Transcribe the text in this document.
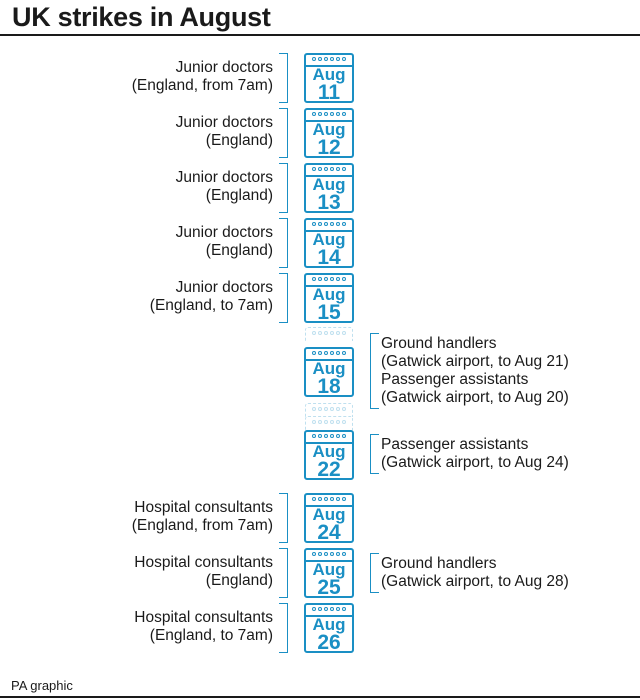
UK strikes in August
Aug
11
Junior doctors
(England, from 7am)
Aug
12
Junior doctors
(England)
Aug
13
Junior doctors
(England)
Aug
14
Junior doctors
(England)
Aug
15
Junior doctors
(England, to 7am)
Aug
18
Ground handlers
(Gatwick airport, to Aug 21)
Passenger assistants
(Gatwick airport, to Aug 20)
Aug
22
Passenger assistants
(Gatwick airport, to Aug 24)
Aug
24
Hospital consultants
(England, from 7am)
Aug
25
Hospital consultants
(England)
Ground handlers
(Gatwick airport, to Aug 28)
Aug
26
Hospital consultants
(England, to 7am)
PA graphic
